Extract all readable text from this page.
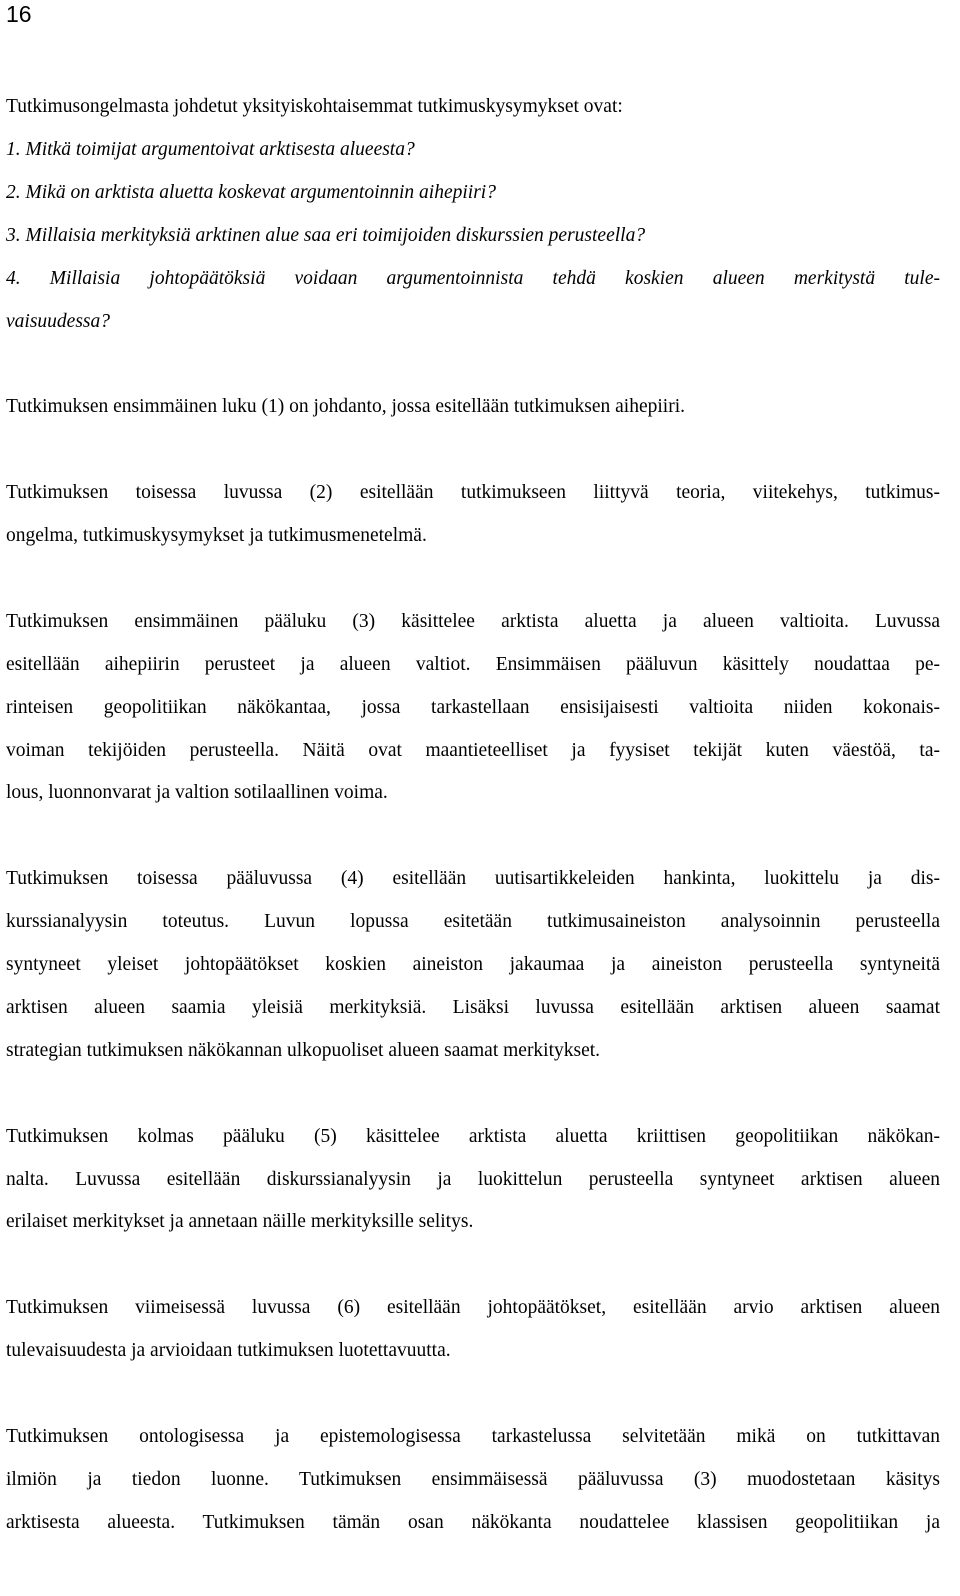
16
Tutkimusongelmasta johdetut yksityiskohtaisemmat tutkimuskysymykset ovat:
1. Mitkä toimijat argumentoivat arktisesta alueesta?
2. Mikä on arktista aluetta koskevat argumentoinnin aihepiiri?
3. Millaisia merkityksiä arktinen alue saa eri toimijoiden diskurssien perusteella?
4. Millaisia johtopäätöksiä voidaan argumentoinnista tehdä koskien alueen merkitystä tule-
vaisuudessa?
Tutkimuksen ensimmäinen luku (1) on johdanto, jossa esitellään tutkimuksen aihepiiri.
Tutkimuksen toisessa luvussa (2) esitellään tutkimukseen liittyvä teoria, viitekehys, tutkimus-
ongelma, tutkimuskysymykset ja tutkimusmenetelmä.
Tutkimuksen ensimmäinen pääluku (3) käsittelee arktista aluetta ja alueen valtioita. Luvussa
esitellään aihepiirin perusteet ja alueen valtiot. Ensimmäisen pääluvun käsittely noudattaa pe-
rinteisen geopolitiikan näkökantaa, jossa tarkastellaan ensisijaisesti valtioita niiden kokonais-
voiman tekijöiden perusteella. Näitä ovat maantieteelliset ja fyysiset tekijät kuten väestöä, ta-
lous, luonnonvarat ja valtion sotilaallinen voima.
Tutkimuksen toisessa pääluvussa (4) esitellään uutisartikkeleiden hankinta, luokittelu ja dis-
kurssianalyysin toteutus. Luvun lopussa esitetään tutkimusaineiston analysoinnin perusteella
syntyneet yleiset johtopäätökset koskien aineiston jakaumaa ja aineiston perusteella syntyneitä
arktisen alueen saamia yleisiä merkityksiä. Lisäksi luvussa esitellään arktisen alueen saamat
strategian tutkimuksen näkökannan ulkopuoliset alueen saamat merkitykset.
Tutkimuksen kolmas pääluku (5) käsittelee arktista aluetta kriittisen geopolitiikan näkökan-
nalta. Luvussa esitellään diskurssianalyysin ja luokittelun perusteella syntyneet arktisen alueen
erilaiset merkitykset ja annetaan näille merkityksille selitys.
Tutkimuksen viimeisessä luvussa (6) esitellään johtopäätökset, esitellään arvio arktisen alueen
tulevaisuudesta ja arvioidaan tutkimuksen luotettavuutta.
Tutkimuksen ontologisessa ja epistemologisessa tarkastelussa selvitetään mikä on tutkittavan
ilmiön ja tiedon luonne. Tutkimuksen ensimmäisessä pääluvussa (3) muodostetaan käsitys
arktisesta alueesta. Tutkimuksen tämän osan näkökanta noudattelee klassisen geopolitiikan ja
